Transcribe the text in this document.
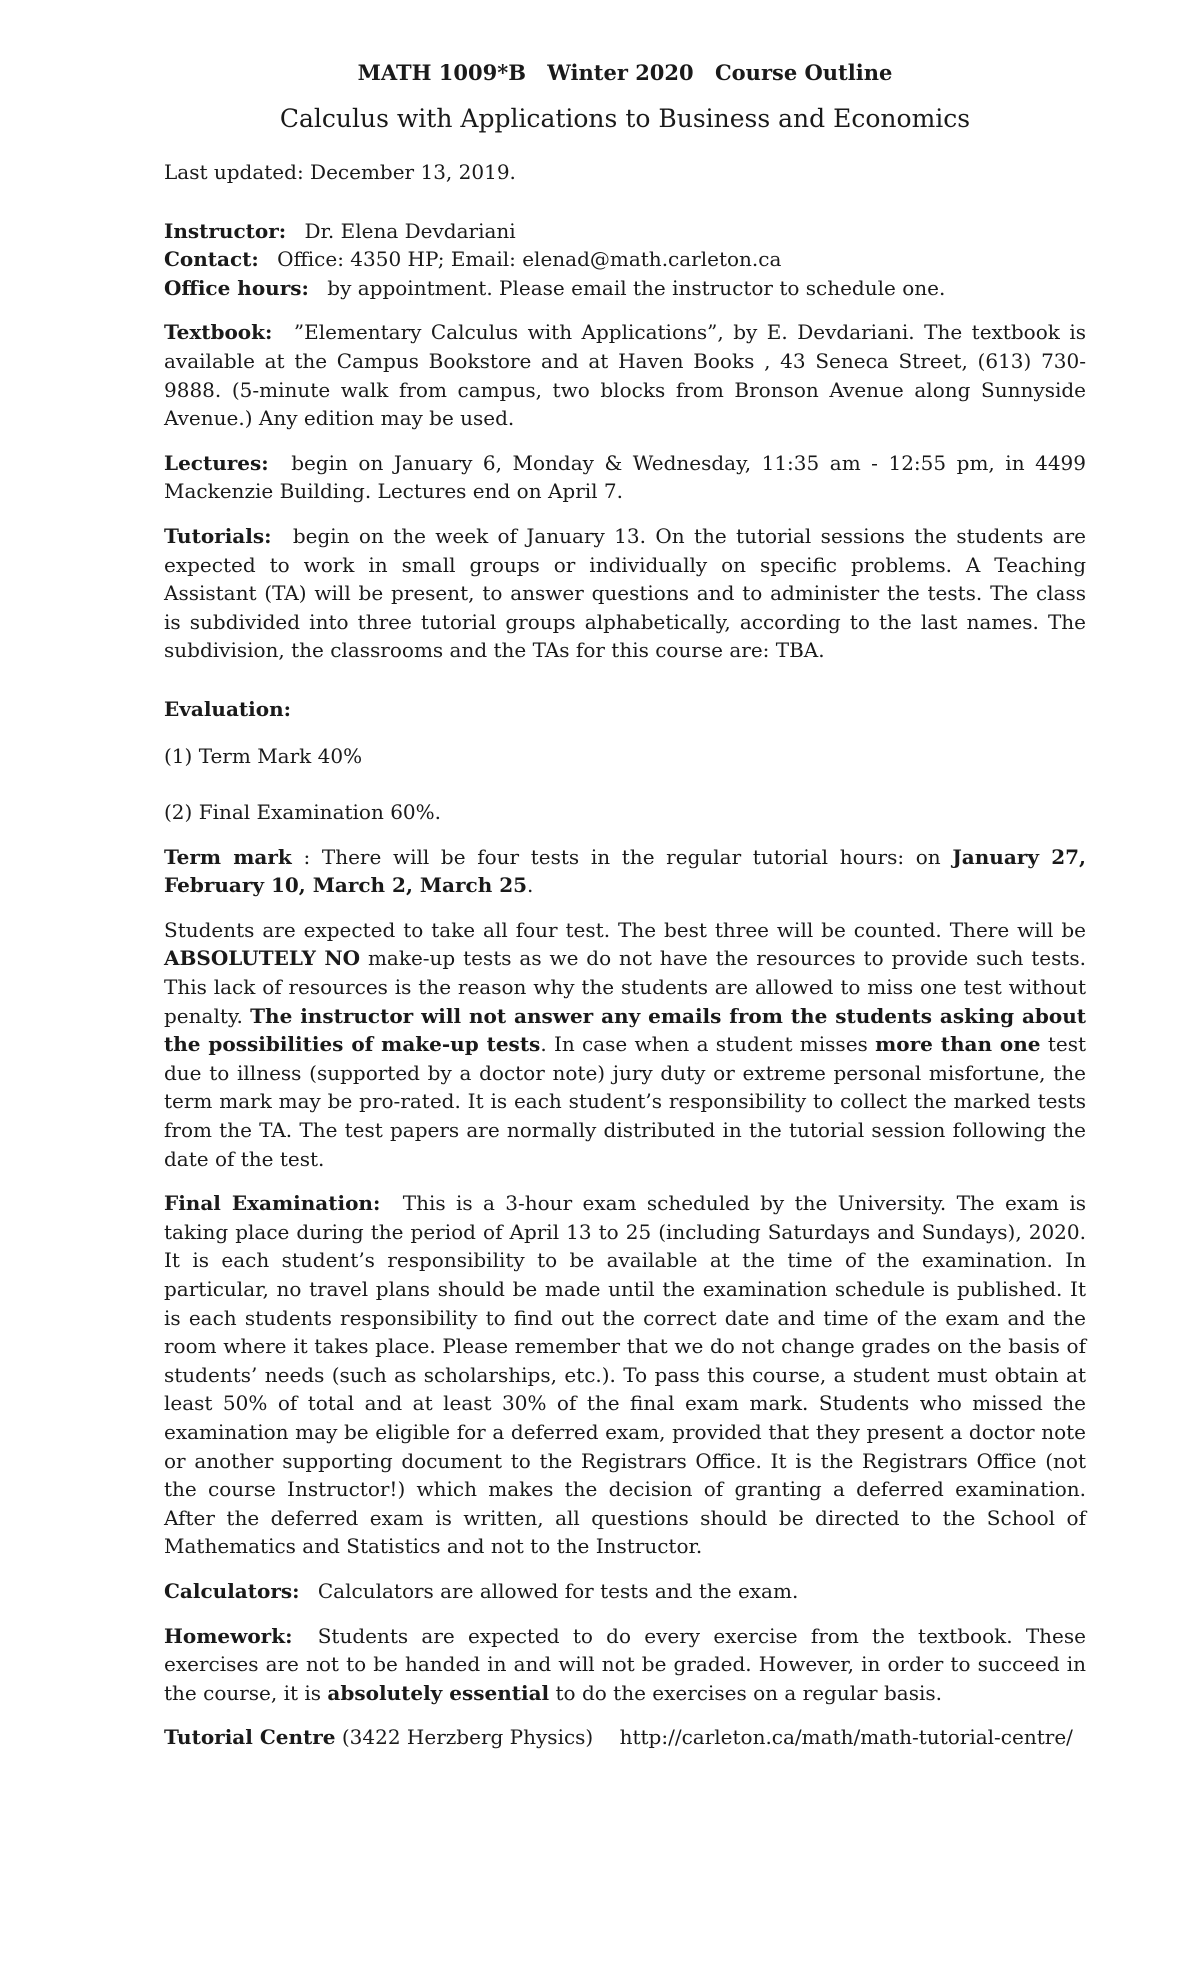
MATH 1009*B Winter 2020 Course Outline

Calculus with Applications to Business and Economics

Last updated: December 13, 2019.

Instructor: Dr. Elena Devdariani

Contact: Office: 4350 HP; Email: elenad@math.carleton.ca

Office hours: by appointment. Please email the instructor to schedule one.

Textbook: ”Elementary Calculus with Applications”, by E. Devdariani. The textbook is available at the Campus Bookstore and at Haven Books , 43 Seneca Street, (613) 730-9888. (5-minute walk from campus, two blocks from Bronson Avenue along Sunnyside Avenue.) Any edition may be used.

Lectures: begin on January 6, Monday & Wednesday, 11:35 am - 12:55 pm, in 4499 Mackenzie Building. Lectures end on April 7.

Tutorials: begin on the week of January 13. On the tutorial sessions the students are expected to work in small groups or individually on specific problems. A Teaching Assistant (TA) will be present, to answer questions and to administer the tests. The class is subdivided into three tutorial groups alphabetically, according to the last names. The subdivision, the classrooms and the TAs for this course are: TBA.

Evaluation:

(1) Term Mark 40%

(2) Final Examination 60%.

Term mark : There will be four tests in the regular tutorial hours: on January 27, February 10, March 2, March 25.

Students are expected to take all four test. The best three will be counted. There will be ABSOLUTELY NO make-up tests as we do not have the resources to provide such tests. This lack of resources is the reason why the students are allowed to miss one test without penalty. The instructor will not answer any emails from the students asking about the possibilities of make-up tests. In case when a student misses more than one test due to illness (supported by a doctor note) jury duty or extreme personal misfortune, the term mark may be pro-rated. It is each student’s responsibility to collect the marked tests from the TA. The test papers are normally distributed in the tutorial session following the date of the test.

Final Examination: This is a 3-hour exam scheduled by the University. The exam is taking place during the period of April 13 to 25 (including Saturdays and Sundays), 2020. It is each student’s responsibility to be available at the time of the examination. In particular, no travel plans should be made until the examination schedule is published. It is each students responsibility to find out the correct date and time of the exam and the room where it takes place. Please remember that we do not change grades on the basis of students’ needs (such as scholarships, etc.). To pass this course, a student must obtain at least 50% of total and at least 30% of the final exam mark. Students who missed the examination may be eligible for a deferred exam, provided that they present a doctor note or another supporting document to the Registrars Office. It is the Registrars Office (not the course Instructor!) which makes the decision of granting a deferred examination. After the deferred exam is written, all questions should be directed to the School of Mathematics and Statistics and not to the Instructor.

Calculators: Calculators are allowed for tests and the exam.

Homework: Students are expected to do every exercise from the textbook. These exercises are not to be handed in and will not be graded. However, in order to succeed in the course, it is absolutely essential to do the exercises on a regular basis.

Tutorial Centre (3422 Herzberg Physics) http://carleton.ca/math/math-tutorial-centre/
